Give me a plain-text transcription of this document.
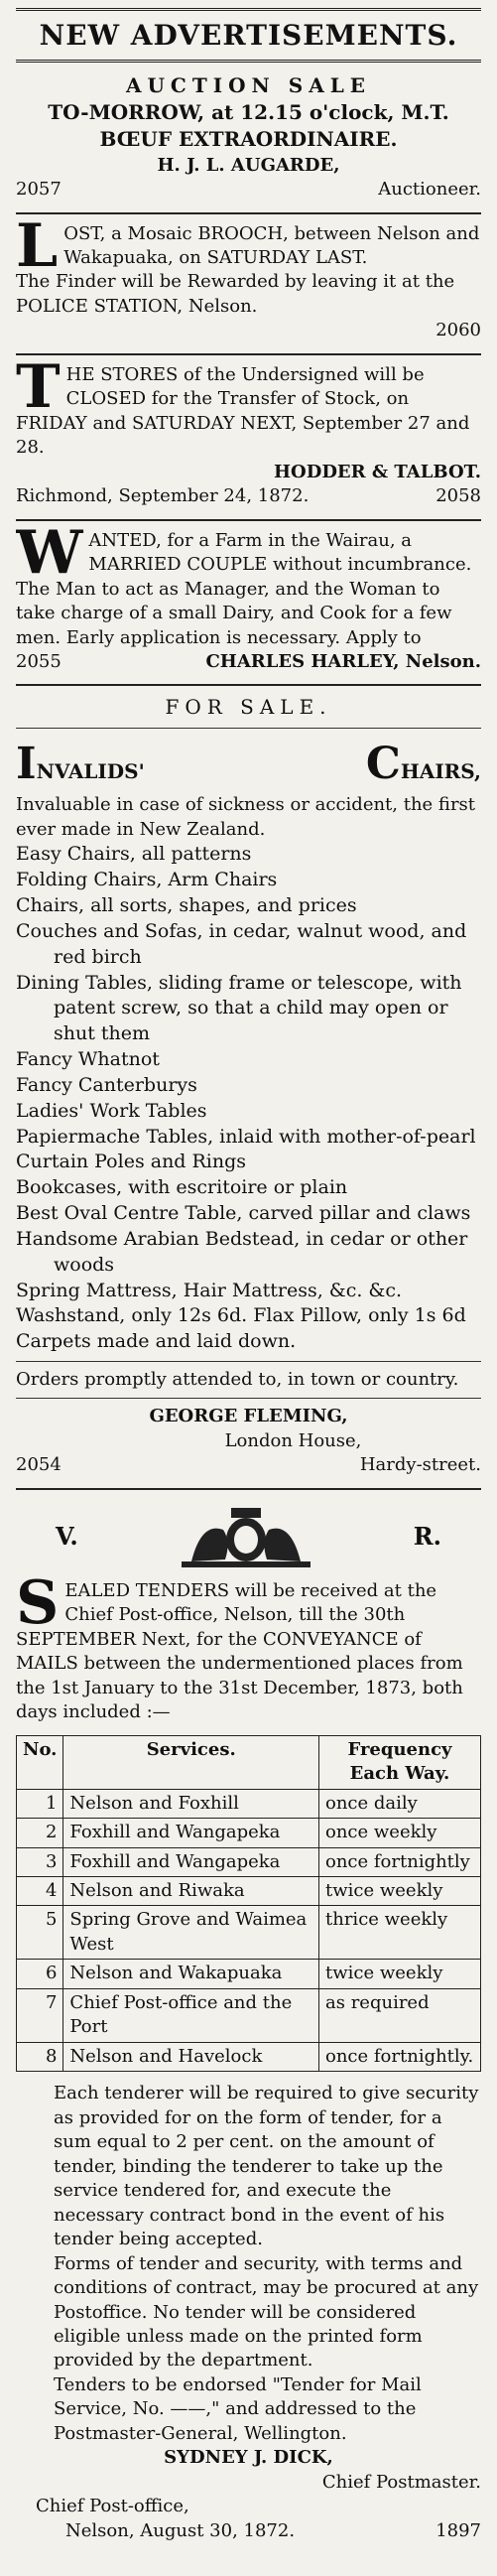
NEW ADVERTISEMENTS.
AUCTION SALE
TO-MORROW, at 12.15 o'clock, M.T.
BŒUF EXTRAORDINAIRE.
H. J. L. AUGARDE,
2057	Auctioneer.
L OST, a Mosaic BROOCH, between Nelson and Wakapuaka, on SATURDAY LAST.
The Finder will be Rewarded by leaving it at the POLICE STATION, Nelson.
2060
T HE STORES of the Undersigned will be CLOSED for the Transfer of Stock, on FRIDAY and SATURDAY NEXT, September 27 and 28.
HODDER & TALBOT.
Richmond, September 24, 1872.	2058
W ANTED, for a Farm in the Wairau, a MARRIED COUPLE without incumbrance. The Man to act as Manager, and the Woman to take charge of a small Dairy, and Cook for a few men. Early application is necessary. Apply to
2055	CHARLES HARLEY, Nelson.
FOR SALE.
INVALIDS'	CHAIRS,
Invaluable in case of sickness or accident, the first ever made in New Zealand.
Easy Chairs, all patterns
Folding Chairs, Arm Chairs
Chairs, all sorts, shapes, and prices
Couches and Sofas, in cedar, walnut wood, and red birch
Dining Tables, sliding frame or telescope, with patent screw, so that a child may open or shut them
Fancy Whatnot
Fancy Canterburys
Ladies' Work Tables
Papiermache Tables, inlaid with mother-of-pearl
Curtain Poles and Rings
Bookcases, with escritoire or plain
Best Oval Centre Table, carved pillar and claws
Handsome Arabian Bedstead, in cedar or other woods
Spring Mattress, Hair Mattress, &c. &c.
Washstand, only 12s 6d. Flax Pillow, only 1s 6d
Carpets made and laid down.
Orders promptly attended to, in town or country.
GEORGE FLEMING,
London House,
2054	Hardy-street.
V.	R.
S EALED TENDERS will be received at the Chief Post-office, Nelson, till the 30th SEPTEMBER Next, for the CONVEYANCE of MAILS between the undermentioned places from the 1st January to the 31st December, 1873, both days included :—
No.	Services.	Frequency Each Way.
1	Nelson and Foxhill	once daily
2	Foxhill and Wangapeka	once weekly
3	Foxhill and Wangapeka	once fortnightly
4	Nelson and Riwaka	twice weekly
5	Spring Grove and Waimea West	thrice weekly
6	Nelson and Wakapuaka	twice weekly
7	Chief Post-office and the Port	as required
8	Nelson and Havelock	once fortnightly.
Each tenderer will be required to give security as provided for on the form of tender, for a sum equal to 2 per cent. on the amount of tender, binding the tenderer to take up the service tendered for, and execute the necessary contract bond in the event of his tender being accepted.
Forms of tender and security, with terms and conditions of contract, may be procured at any Postoffice. No tender will be considered eligible unless made on the printed form provided by the department.
Tenders to be endorsed "Tender for Mail Service, No. ——," and addressed to the Postmaster-General, Wellington.
SYDNEY J. DICK,
Chief Postmaster.
Chief Post-office,
Nelson, August 30, 1872.	1897
